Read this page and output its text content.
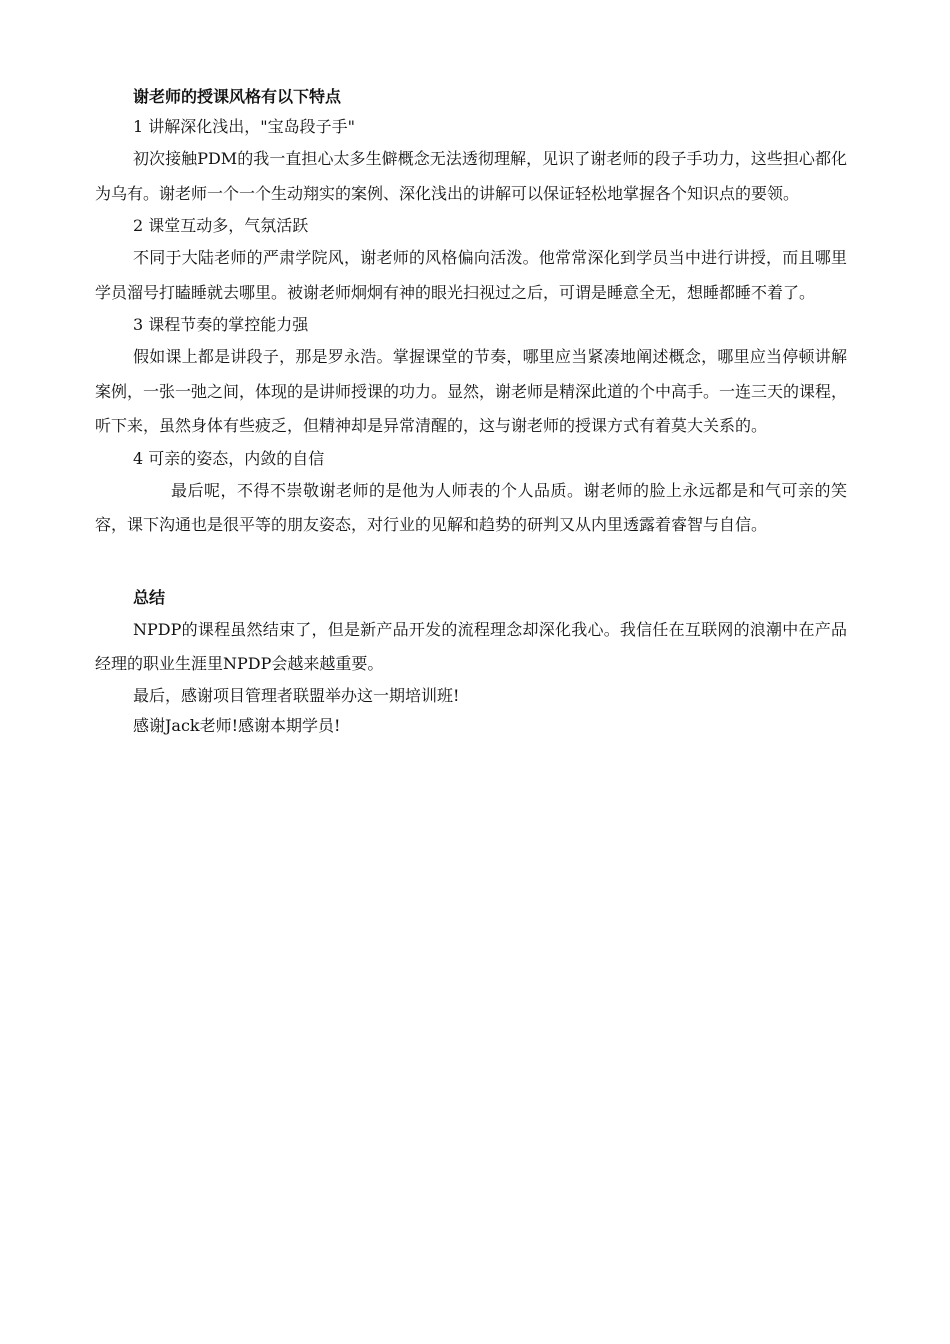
谢老师的授课风格有以下特点
1 讲解深化浅出，"宝岛段子手"

初次接触PDM的我一直担心太多生僻概念无法透彻理解，见识了谢老师的段子手功力，这些担心都化为乌有。谢老师一个一个生动翔实的案例、深化浅出的讲解可以保证轻松地掌握各个知识点的要领。

2 课堂互动多，气氛活跃

不同于大陆老师的严肃学院风，谢老师的风格偏向活泼。他常常深化到学员当中进行讲授，而且哪里学员溜号打瞌睡就去哪里。被谢老师炯炯有神的眼光扫视过之后，可谓是睡意全无，想睡都睡不着了。

3 课程节奏的掌控能力强

假如课上都是讲段子，那是罗永浩。掌握课堂的节奏，哪里应当紧凑地阐述概念，哪里应当停顿讲解案例，一张一弛之间，体现的是讲师授课的功力。显然，谢老师是精深此道的个中高手。一连三天的课程，听下来，虽然身体有些疲乏，但精神却是异常清醒的，这与谢老师的授课方式有着莫大关系的。

4 可亲的姿态，内敛的自信

最后呢，不得不崇敬谢老师的是他为人师表的个人品质。谢老师的脸上永远都是和气可亲的笑容，课下沟通也是很平等的朋友姿态，对行业的见解和趋势的研判又从内里透露着睿智与自信。

总结

NPDP的课程虽然结束了，但是新产品开发的流程理念却深化我心。我信任在互联网的浪潮中在产品经理的职业生涯里NPDP会越来越重要。

最后，感谢项目管理者联盟举办这一期培训班!
感谢Jack老师!感谢本期学员!
